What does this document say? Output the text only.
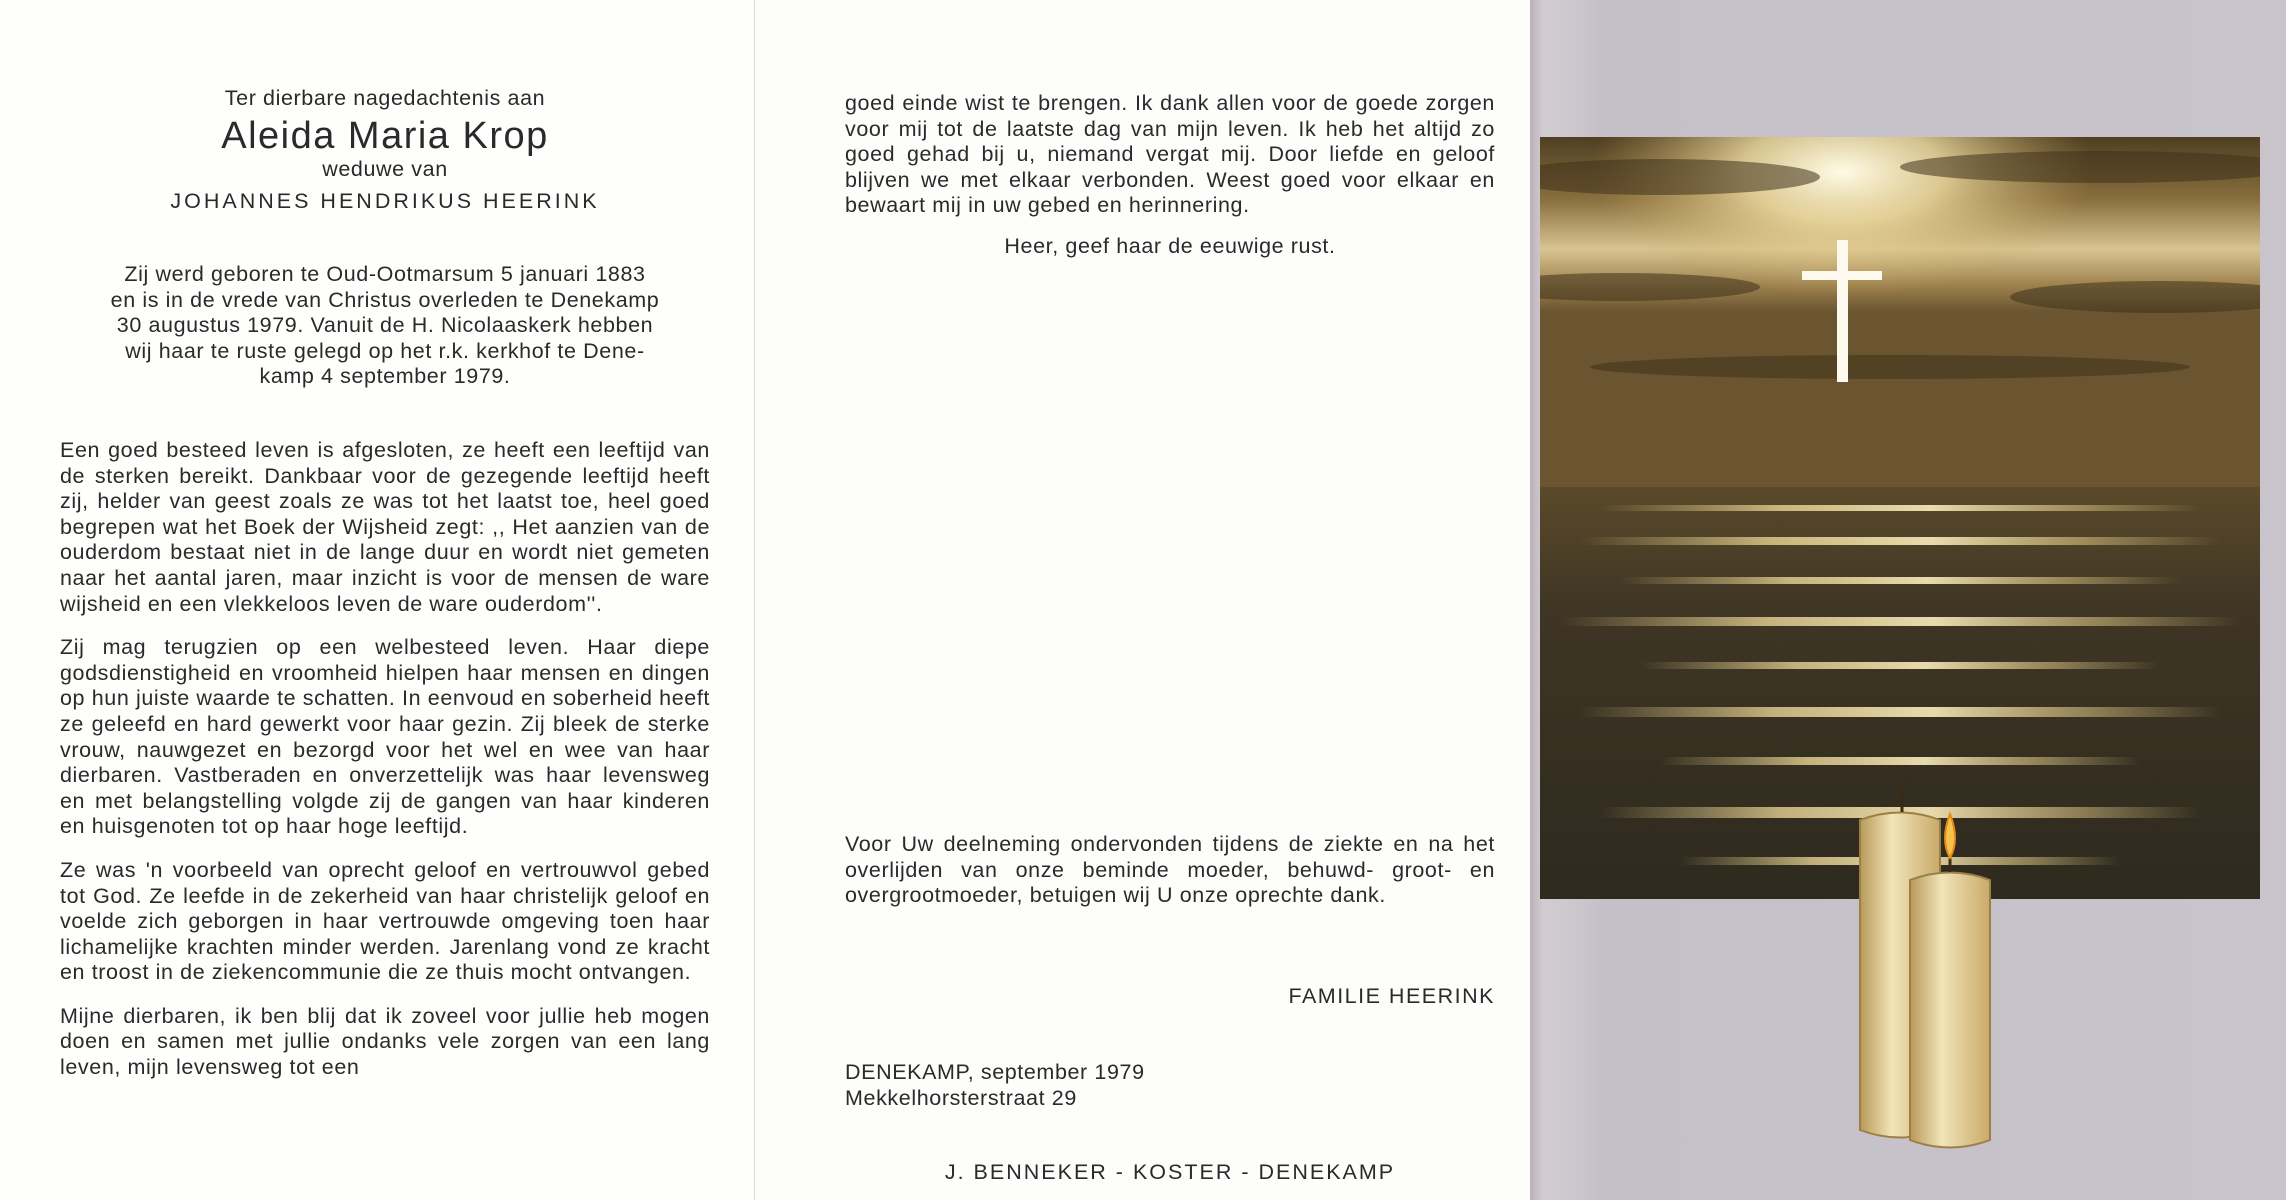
Ter dierbare nagedachtenis aan
Aleida Maria Krop
weduwe van
JOHANNES HENDRIKUS HEERINK

Zij werd geboren te Oud-Ootmarsum 5 januari 1883

en is in de vrede van Christus overleden te Denekamp

30 augustus 1979. Vanuit de H. Nicolaaskerk hebben

wij haar te ruste gelegd op het r.k. kerkhof te Dene-

kamp 4 september 1979.

Een goed besteed leven is afgesloten, ze heeft een leeftijd van de sterken bereikt. Dankbaar voor de gezegende leeftijd heeft zij, helder van geest zoals ze was tot het laatst toe, heel goed begrepen wat het Boek der Wijsheid zegt: ,, Het aanzien van de ouderdom bestaat niet in de lange duur en wordt niet gemeten naar het aantal jaren, maar inzicht is voor de mensen de ware wijsheid en een vlekkeloos leven de ware ouderdom''.

Zij mag terugzien op een welbesteed leven. Haar diepe godsdienstigheid en vroomheid hielpen haar mensen en dingen op hun juiste waarde te schatten. In eenvoud en soberheid heeft ze geleefd en hard gewerkt voor haar gezin. Zij bleek de sterke vrouw, nauwgezet en bezorgd voor het wel en wee van haar dierbaren. Vastberaden en onverzettelijk was haar levensweg en met belangstelling volgde zij de gangen van haar kinderen en huisgenoten tot op haar hoge leeftijd.

Ze was 'n voorbeeld van oprecht geloof en vertrouwvol gebed tot God. Ze leefde in de zekerheid van haar christelijk geloof en voelde zich geborgen in haar vertrouwde omgeving toen haar lichamelijke krachten minder werden. Jarenlang vond ze kracht en troost in de ziekencommunie die ze thuis mocht ontvangen.

Mijne dierbaren, ik ben blij dat ik zoveel voor jullie heb mogen doen en samen met jullie ondanks vele zorgen van een lang leven, mijn levensweg tot een

goed einde wist te brengen. Ik dank allen voor de goede zorgen voor mij tot de laatste dag van mijn leven. Ik heb het altijd zo goed gehad bij u, niemand vergat mij. Door liefde en geloof blijven we met elkaar verbonden. Weest goed voor elkaar en bewaart mij in uw gebed en herinnering.

Heer, geef haar de eeuwige rust.

Voor Uw deelneming ondervonden tijdens de ziekte en na het overlijden van onze beminde moeder, behuwd- groot- en overgrootmoeder, betuigen wij U onze oprechte dank.

FAMILIE HEERINK
DENEKAMP, september 1979
Mekkelhorsterstraat 29
J. BENNEKER - KOSTER - DENEKAMP
